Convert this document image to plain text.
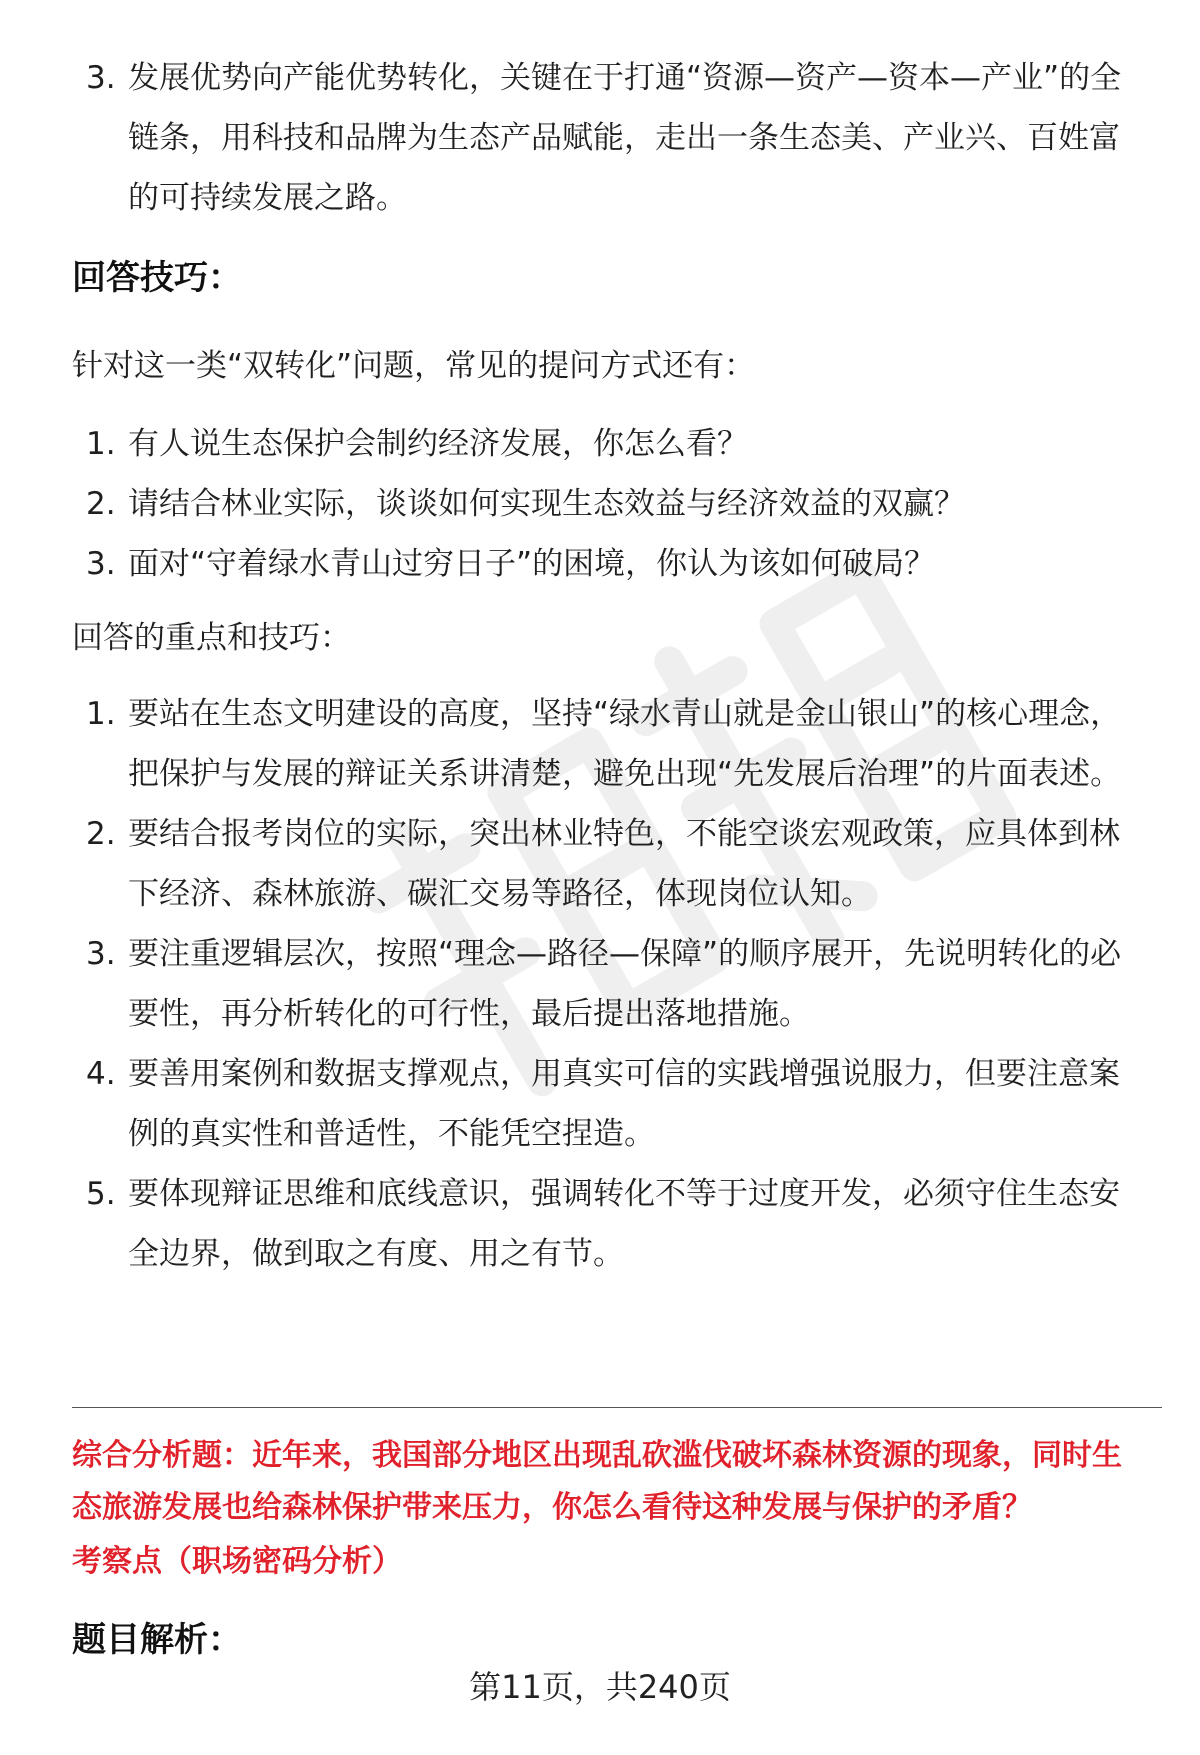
3. 发展优势向产能优势转化，关键在于打通“资源—资产—资本—产业”的全链条，用科技和品牌为生态产品赋能，走出一条生态美、产业兴、百姓富的可持续发展之路。
回答技巧：
针对这一类“双转化”问题，常见的提问方式还有：
1. 有人说生态保护会制约经济发展，你怎么看？
2. 请结合林业实际，谈谈如何实现生态效益与经济效益的双赢？
3. 面对“守着绿水青山过穷日子”的困境，你认为该如何破局？
回答的重点和技巧：
1. 要站在生态文明建设的高度，坚持“绿水青山就是金山银山”的核心理念，把保护与发展的辩证关系讲清楚，避免出现“先发展后治理”的片面表述。
2. 要结合报考岗位的实际，突出林业特色，不能空谈宏观政策，应具体到林下经济、森林旅游、碳汇交易等路径，体现岗位认知。
3. 要注重逻辑层次，按照“理念—路径—保障”的顺序展开，先说明转化的必要性，再分析转化的可行性，最后提出落地措施。
4. 要善用案例和数据支撑观点，用真实可信的实践增强说服力，但要注意案例的真实性和普适性，不能凭空捏造。
5. 要体现辩证思维和底线意识，强调转化不等于过度开发，必须守住生态安全边界，做到取之有度、用之有节。
综合分析题：近年来，我国部分地区出现乱砍滥伐破坏森林资源的现象，同时生态旅游发展也给森林保护带来压力，你怎么看待这种发展与保护的矛盾？
考察点（职场密码分析）
题目解析：
第11页，共240页
